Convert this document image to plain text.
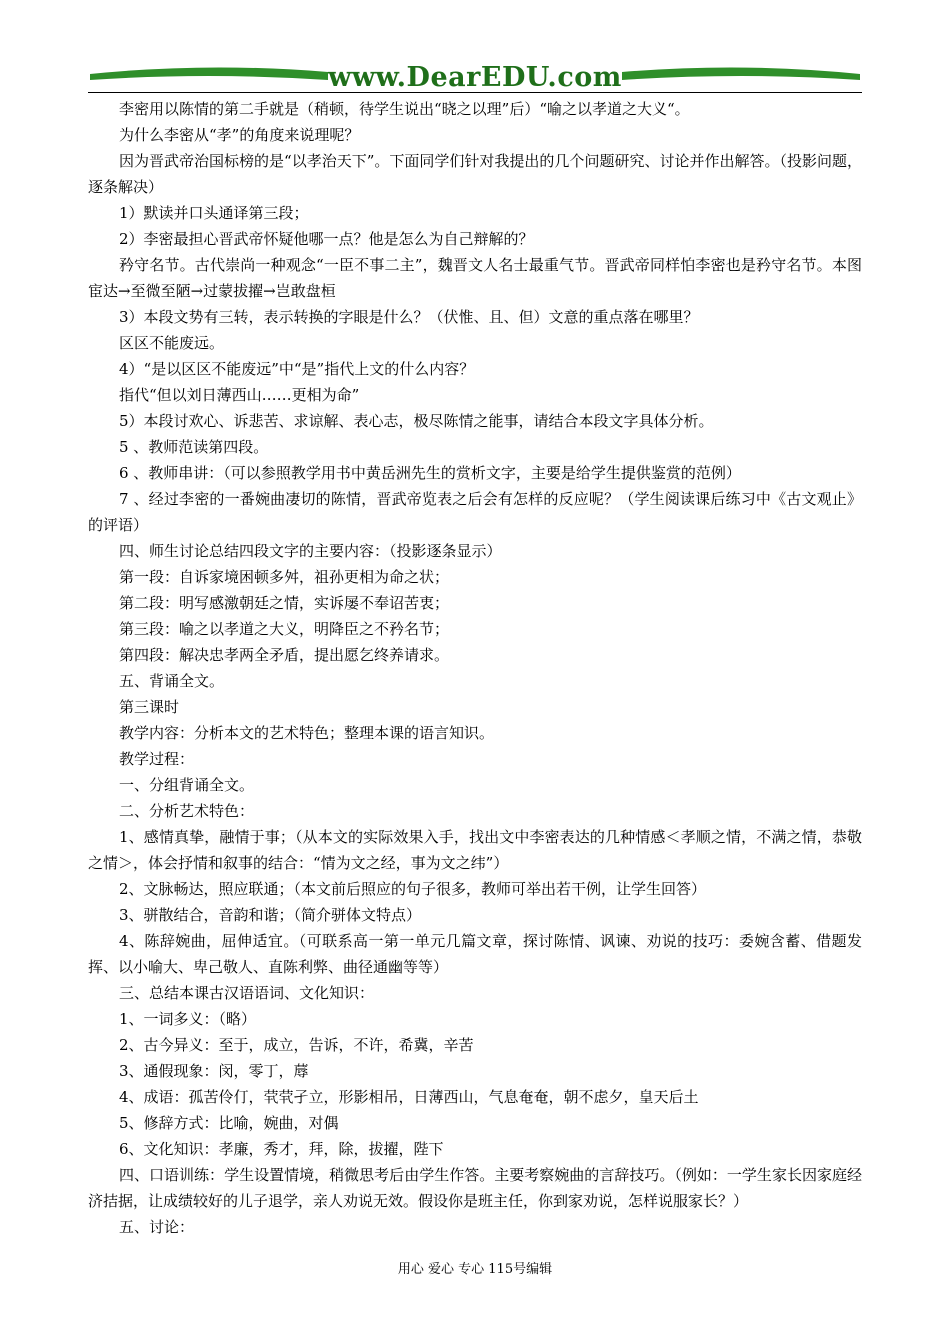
www.DearEDU.com

李密用以陈情的第二手就是（稍顿，待学生说出“晓之以理”后）“喻之以孝道之大义“。

为什么李密从“孝”的角度来说理呢？

因为晋武帝治国标榜的是“以孝治天下”。下面同学们针对我提出的几个问题研究、讨论并作出解答。（投影问题，逐条解决）

1）默读并口头通译第三段；

2）李密最担心晋武帝怀疑他哪一点？他是怎么为自己辩解的？

矜守名节。古代崇尚一种观念“一臣不事二主”，魏晋文人名士最重气节。晋武帝同样怕李密也是矜守名节。本图宦达→至微至陋→过蒙拔擢→岂敢盘桓

3）本段文势有三转，表示转换的字眼是什么？（伏惟、且、但）文意的重点落在哪里？

区区不能废远。

4）“是以区区不能废远”中“是”指代上文的什么内容？

指代“但以刘日薄西山……更相为命”

5）本段讨欢心、诉悲苦、求谅解、表心志，极尽陈情之能事，请结合本段文字具体分析。

5 、教师范读第四段。

6 、教师串讲：（可以参照教学用书中黄岳洲先生的赏析文字，主要是给学生提供鉴赏的范例）

7 、经过李密的一番婉曲凄切的陈情，晋武帝览表之后会有怎样的反应呢？（学生阅读课后练习中《古文观止》的评语）

四、师生讨论总结四段文字的主要内容：（投影逐条显示）

第一段：自诉家境困顿多舛，祖孙更相为命之状；

第二段：明写感激朝廷之情，实诉屡不奉诏苦衷；

第三段：喻之以孝道之大义，明降臣之不矜名节；

第四段：解决忠孝两全矛盾，提出愿乞终养请求。

五、背诵全文。

第三课时

教学内容：分析本文的艺术特色；整理本课的语言知识。

教学过程：

一、分组背诵全文。

二、分析艺术特色：

1、感情真挚，融情于事；（从本文的实际效果入手，找出文中李密表达的几种情感＜孝顺之情，不满之情，恭敬之情＞，体会抒情和叙事的结合：“情为文之经，事为文之纬”）

2、文脉畅达，照应联通；（本文前后照应的句子很多，教师可举出若干例，让学生回答）

3、骈散结合，音韵和谐；（简介骈体文特点）

4、陈辞婉曲，屈伸适宜。（可联系高一第一单元几篇文章，探讨陈情、讽谏、劝说的技巧：委婉含蓄、借题发挥、以小喻大、卑己敬人、直陈利弊、曲径通幽等等）

三、总结本课古汉语语词、文化知识：

1、一词多义：（略）

2、古今异义：至于，成立，告诉，不许，希冀，辛苦

3、通假现象：闵，零丁，蓐

4、成语：孤苦伶仃，茕茕孑立，形影相吊，日薄西山，气息奄奄，朝不虑夕，皇天后土

5、修辞方式：比喻，婉曲，对偶

6、文化知识：孝廉，秀才，拜，除，拔擢，陛下

四、口语训练：学生设置情境，稍微思考后由学生作答。主要考察婉曲的言辞技巧。（例如：一学生家长因家庭经济拮据，让成绩较好的儿子退学，亲人劝说无效。假设你是班主任，你到家劝说，怎样说服家长？）

五、讨论：

用心 爱心 专心 115号编辑
